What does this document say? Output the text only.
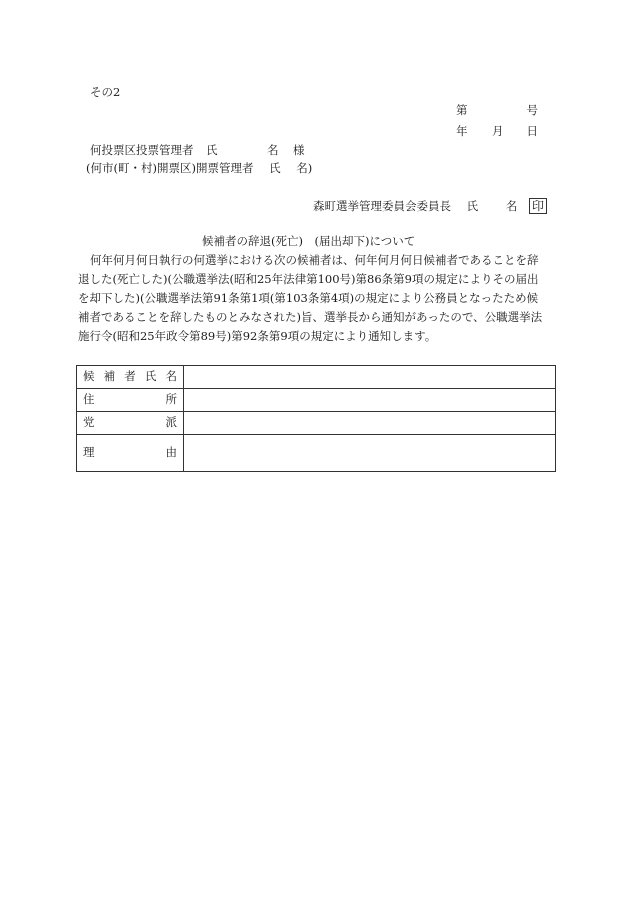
その2
第	号
年 月 日
何投票区投票管理者 氏	名 様
(何市(町・村)開票区)開票管理者 氏 名)
森町選挙管理委員会委員長 氏 名 印
候補者の辞退(死亡)　(届出却下)について
何年何月何日執行の何選挙における次の候補者は、何年何月何日候補者であることを辞
退した(死亡した)(公職選挙法(昭和25年法律第100号)第86条第9項の規定によりその届出
を却下した)(公職選挙法第91条第1項(第103条第4項)の規定により公務員となったため候
補者であることを辞したものとみなされた)旨、選挙長から通知があったので、公職選挙法
施行令(昭和25年政令第89号)第92条第9項の規定により通知します。
候 補 者 氏 名	

住 所	

党 派	

理 由	
